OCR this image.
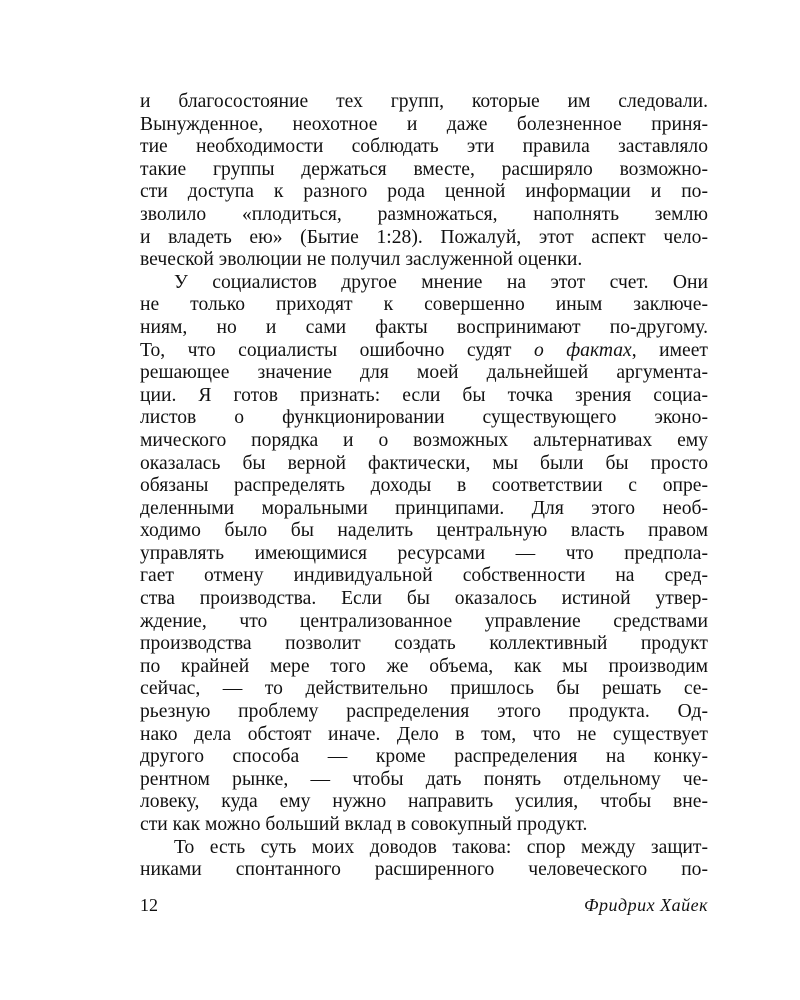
и благосостояние тех групп, которые им следовали.
Вынужденное, неохотное и даже болезненное приня-
тие необходимости соблюдать эти правила заставляло
такие группы держаться вместе, расширяло возможно-
сти доступа к разного рода ценной информации и по-
зволило «плодиться, размножаться, наполнять землю
и владеть ею» (Бытие 1:28). Пожалуй, этот аспект чело-
веческой эволюции не получил заслуженной оценки.
У социалистов другое мнение на этот счет. Они
не только приходят к совершенно иным заключе-
ниям, но и сами факты воспринимают по-другому.
То, что социалисты ошибочно судят о фактах, имеет
решающее значение для моей дальнейшей аргумента-
ции. Я готов признать: если бы точка зрения социа-
листов о функционировании существующего эконо-
мического порядка и о возможных альтернативах ему
оказалась бы верной фактически, мы были бы просто
обязаны распределять доходы в соответствии с опре-
деленными моральными принципами. Для этого необ-
ходимо было бы наделить центральную власть правом
управлять имеющимися ресурсами — что предпола-
гает отмену индивидуальной собственности на сред-
ства производства. Если бы оказалось истиной утвер-
ждение, что централизованное управление средствами
производства позволит создать коллективный продукт
по крайней мере того же объема, как мы производим
сейчас, — то действительно пришлось бы решать се-
рьезную проблему распределения этого продукта. Од-
нако дела обстоят иначе. Дело в том, что не существует
другого способа — кроме распределения на конку-
рентном рынке, — чтобы дать понять отдельному че-
ловеку, куда ему нужно направить усилия, чтобы вне-
сти как можно больший вклад в совокупный продукт.
То есть суть моих доводов такова: спор между защит-
никами спонтанного расширенного человеческого по-
12	Фридрих Хайек
